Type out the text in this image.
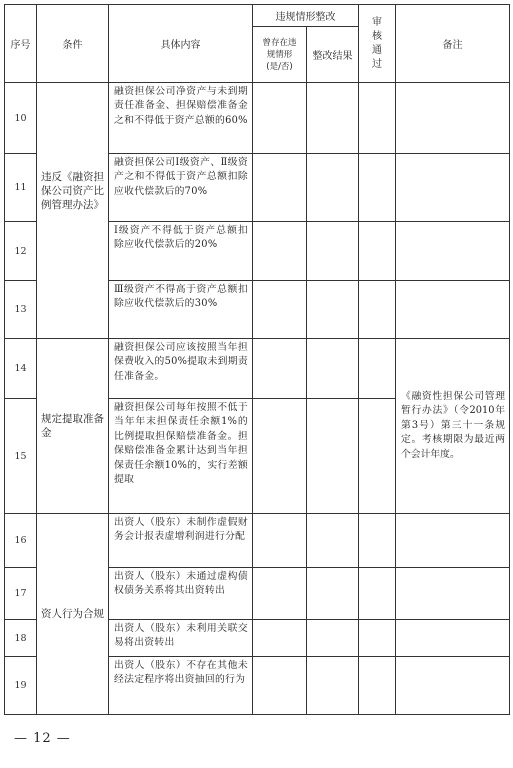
序号	条件	具体内容	违规情形整改		审核通过	备注
			曾存在违规情形(是/否)	整改结果		
10	违反《融资担保公司资产比例管理办法》	融资担保公司净资产与未到期责任准备金、担保赔偿准备金之和不得低于资产总额的60%				
11		融资担保公司Ⅰ级资产、Ⅱ级资产之和不得低于资产总额扣除应收代偿款后的70%				
12		Ⅰ级资产不得低于资产总额扣除应收代偿款后的20%				
13		Ⅲ级资产不得高于资产总额扣除应收代偿款后的30%				
14	规定提取准备金	融资担保公司应该按照当年担保费收入的50%提取未到期责任准备金。				《融资性担保公司管理暂行办法》（令2010年第3号）第三十一条规定。考核期限为最近两个会计年度。
15		融资担保公司每年按照不低于当年年末担保责任余额1%的比例提取担保赔偿准备金。担保赔偿准备金累计达到当年担保责任余额10%的，实行差额提取				
16	资人行为合规	出资人（股东）未制作虚假财务会计报表虚增利润进行分配				
17		出资人（股东）未通过虚构债权债务关系将其出资转出				
18		出资人（股东）未利用关联交易将出资转出				
19		出资人（股东）不存在其他未经法定程序将出资抽回的行为				
— 12 —
